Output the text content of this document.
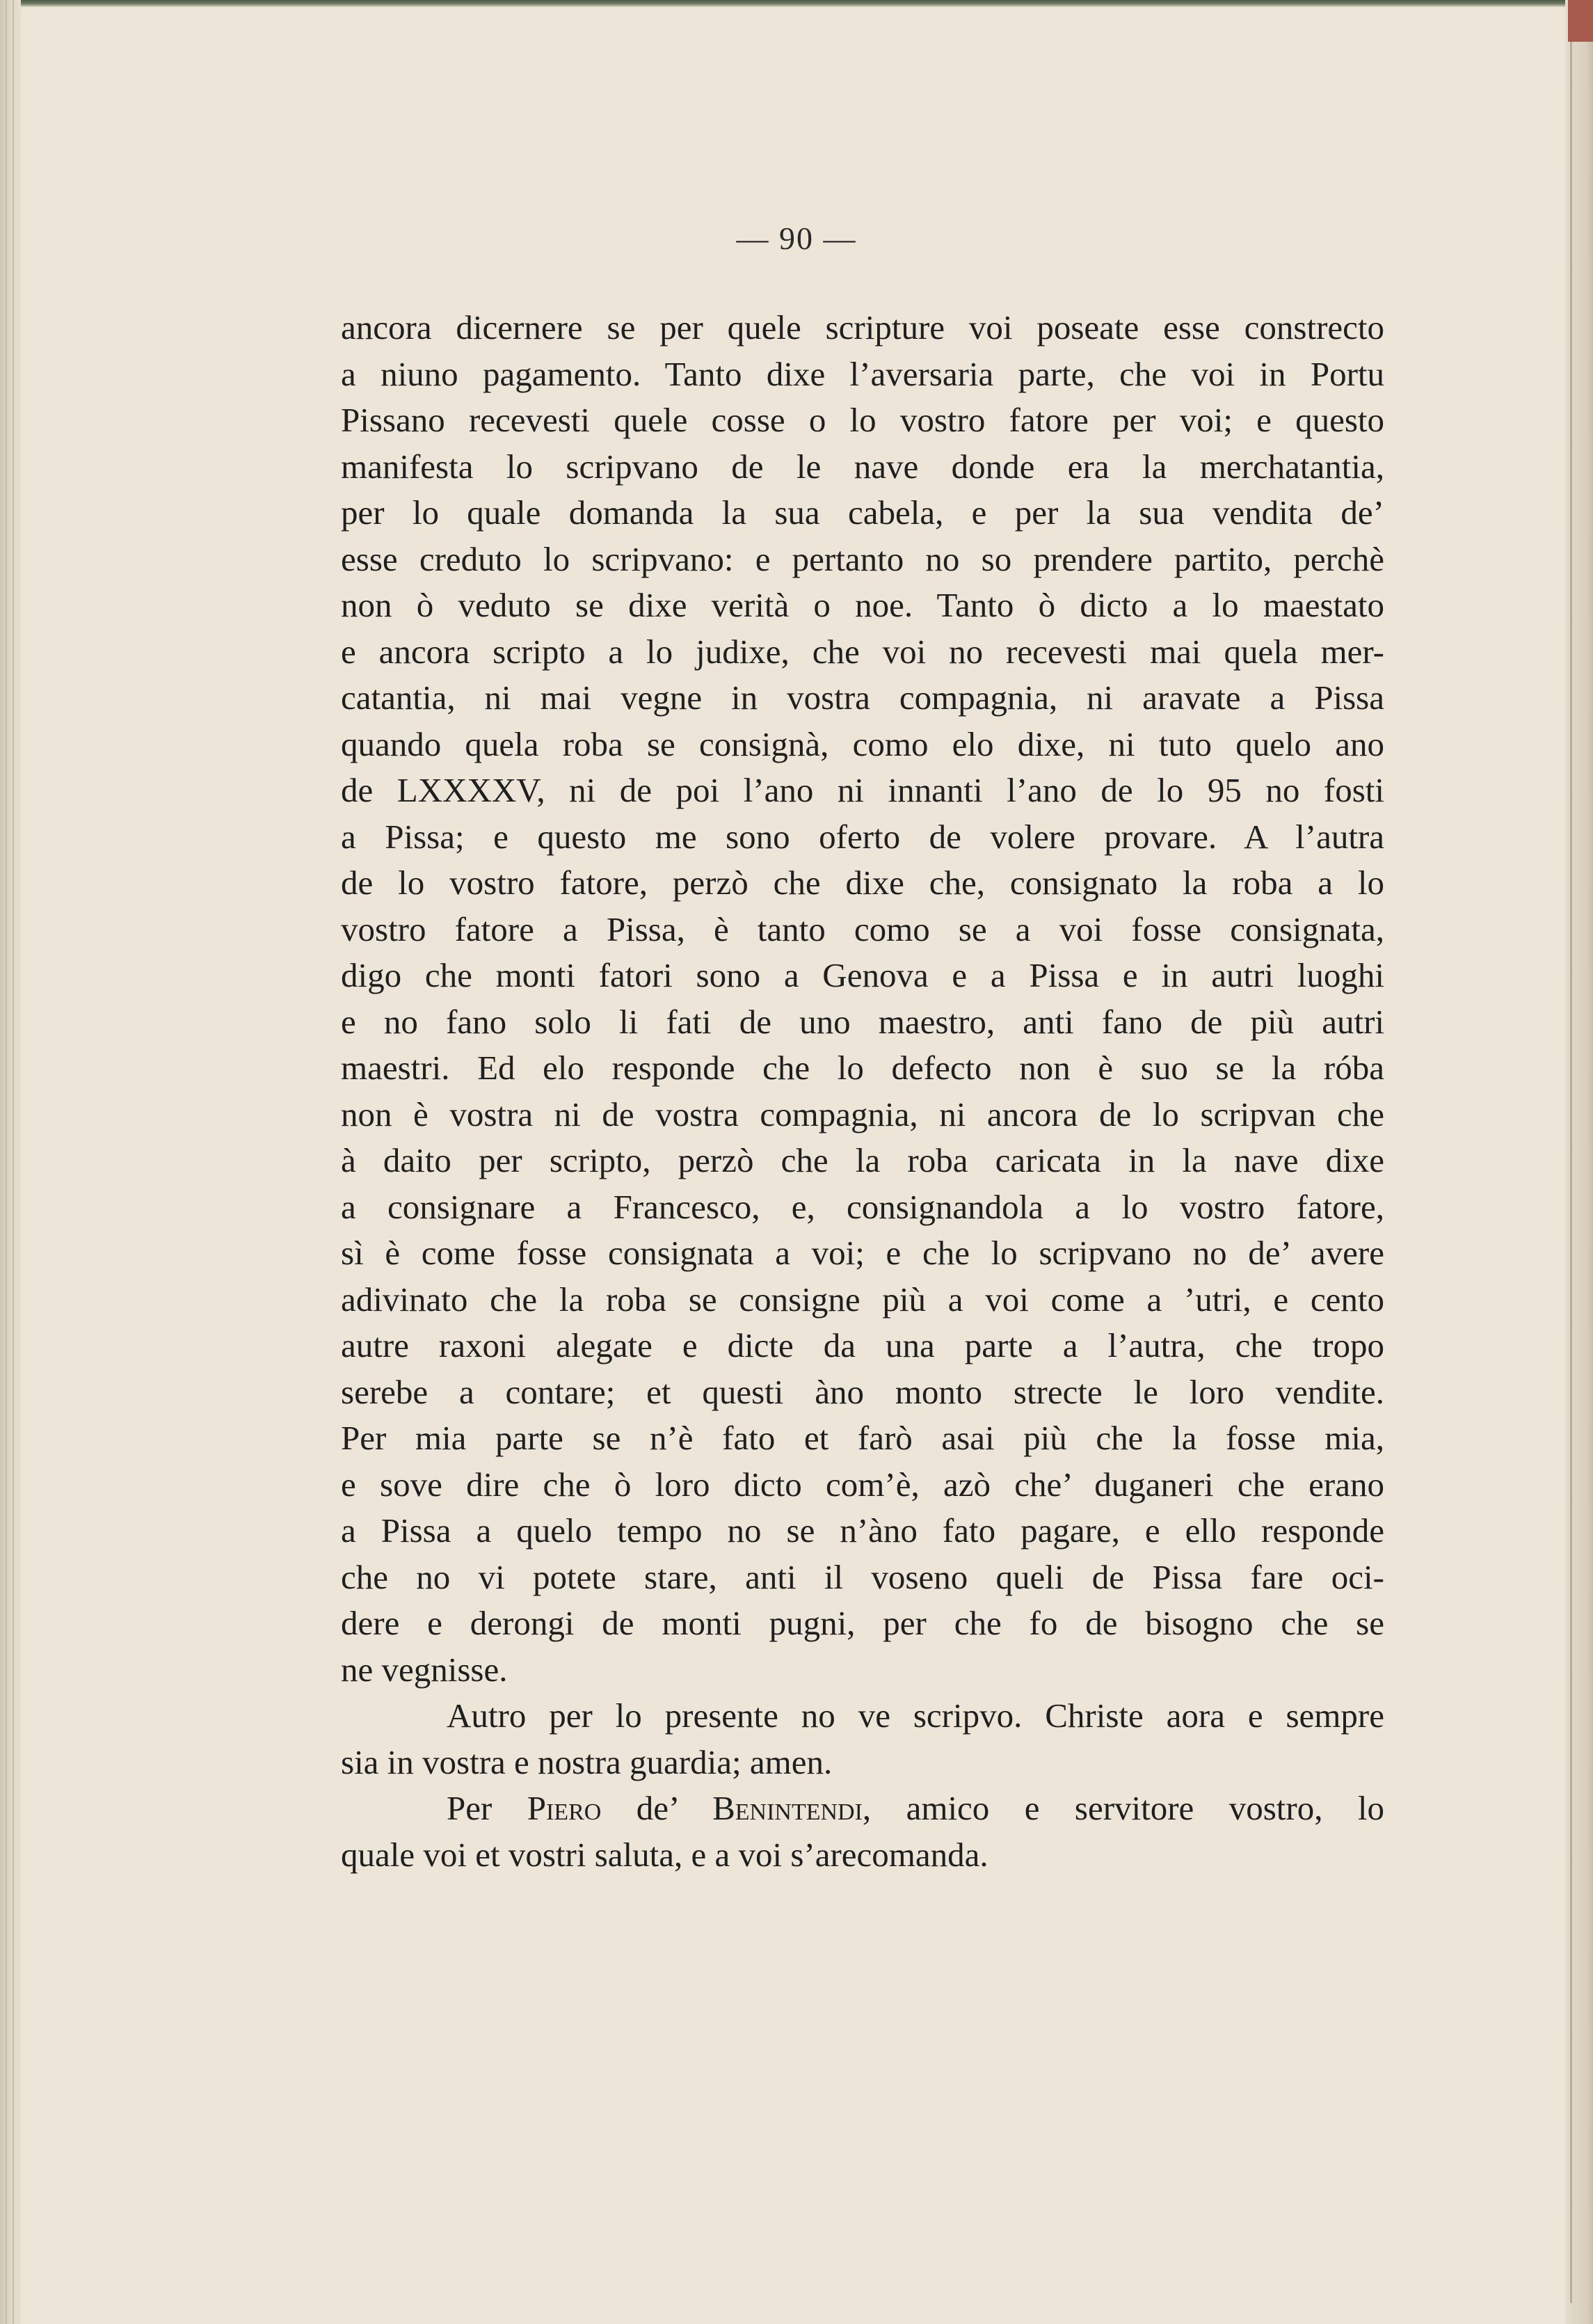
— 90 —
ancora dicernere se per quele scripture voi poseate esse constrecto
a niuno pagamento. Tanto dixe l’aversaria parte, che voi in Portu
Pissano recevesti quele cosse o lo vostro fatore per voi; e questo
manifesta lo scripvano de le nave donde era la merchatantia,
per lo quale domanda la sua cabela, e per la sua vendita de’
esse creduto lo scripvano: e pertanto no so prendere partito, perchè
non ò veduto se dixe verità o noe. Tanto ò dicto a lo maestato
e ancora scripto a lo judixe, che voi no recevesti mai quela mer-
catantia, ni mai vegne in vostra compagnia, ni aravate a Pissa
quando quela roba se consignà, como elo dixe, ni tuto quelo ano
de LXXXXV, ni de poi l’ano ni innanti l’ano de lo 95 no fosti
a Pissa; e questo me sono oferto de volere provare. A l’autra
de lo vostro fatore, perzò che dixe che, consignato la roba a lo
vostro fatore a Pissa, è tanto como se a voi fosse consignata,
digo che monti fatori sono a Genova e a Pissa e in autri luoghi
e no fano solo li fati de uno maestro, anti fano de più autri
maestri. Ed elo responde che lo defecto non è suo se la róba
non è vostra ni de vostra compagnia, ni ancora de lo scripvan che
à daito per scripto, perzò che la roba caricata in la nave dixe
a consignare a Francesco, e, consignandola a lo vostro fatore,
sì è come fosse consignata a voi; e che lo scripvano no de’ avere
adivinato che la roba se consigne più a voi come a ’utri, e cento
autre raxoni alegate e dicte da una parte a l’autra, che tropo
serebe a contare; et questi àno monto strecte le loro vendite.
Per mia parte se n’è fato et farò asai più che la fosse mia,
e sove dire che ò loro dicto com’è, azò che’ duganeri che erano
a Pissa a quelo tempo no se n’àno fato pagare, e ello responde
che no vi potete stare, anti il voseno queli de Pissa fare oci-
dere e derongi de monti pugni, per che fo de bisogno che se
ne vegnisse.
Autro per lo presente no ve scripvo. Christe aora e sempre
sia in vostra e nostra guardia; amen.
Per Piero de’ Benintendi, amico e servitore vostro, lo
quale voi et vostri saluta, e a voi s’arecomanda.
